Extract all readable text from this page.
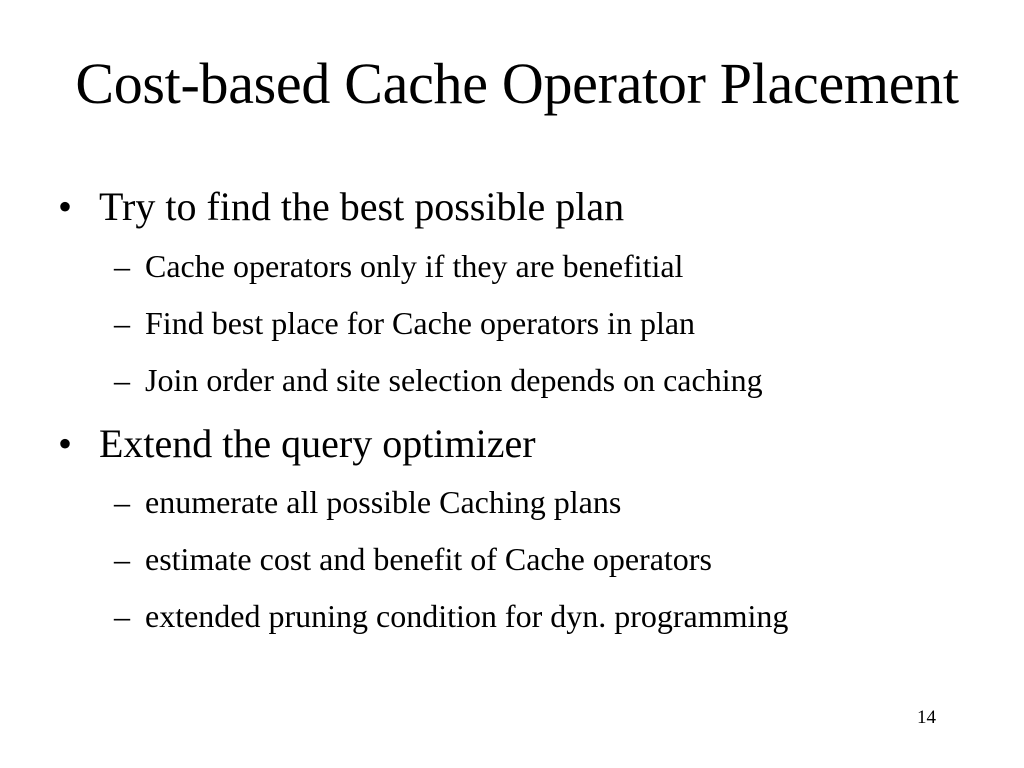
Cost-based Cache Operator Placement
• Try to find the best possible plan
– Cache operators only if they are benefitial
– Find best place for Cache operators in plan
– Join order and site selection depends on caching
• Extend the query optimizer
– enumerate all possible Caching plans
– estimate cost and benefit of Cache operators
– extended pruning condition for dyn. programming
14
